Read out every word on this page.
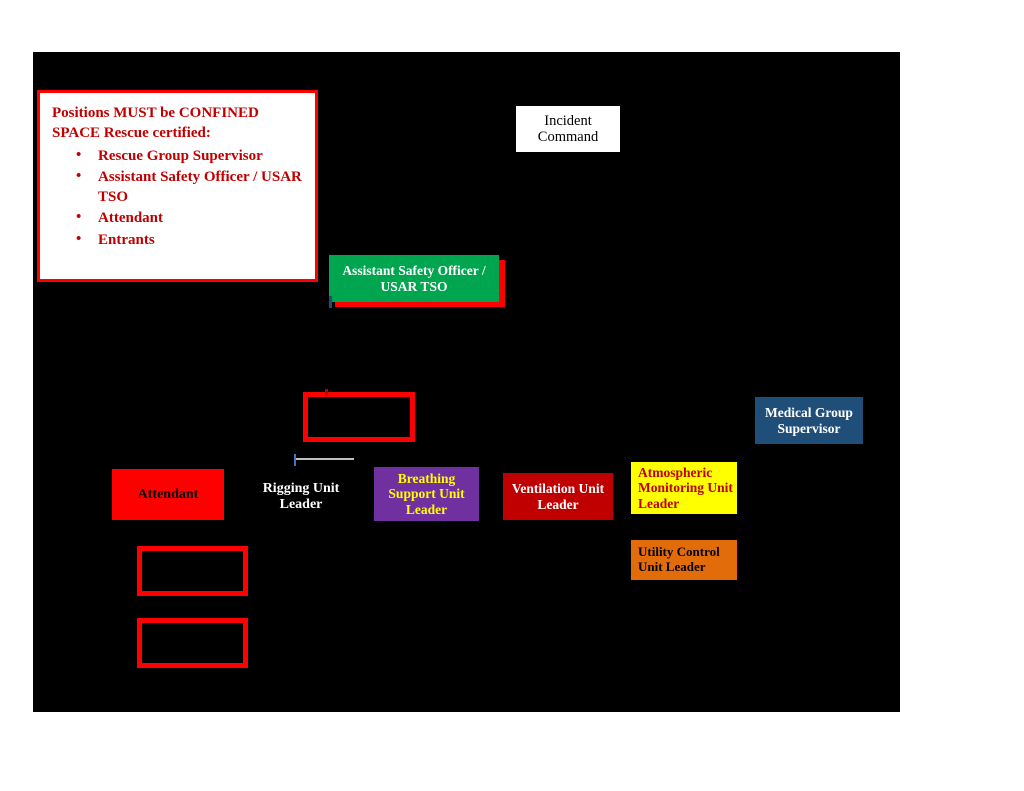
Incident Command
Positions MUST be CONFINED SPACE Rescue certified:
• Rescue Group Supervisor
• Assistant Safety Officer / USAR TSO
• Attendant
• Entrants
Assistant Safety Officer / USAR TSO
Attendant	Rigging Unit Leader
Breathing Support Unit Leader
Ventilation Unit Leader
Atmospheric Monitoring Unit Leader
Utility Control Unit Leader
Medical Group Supervisor
